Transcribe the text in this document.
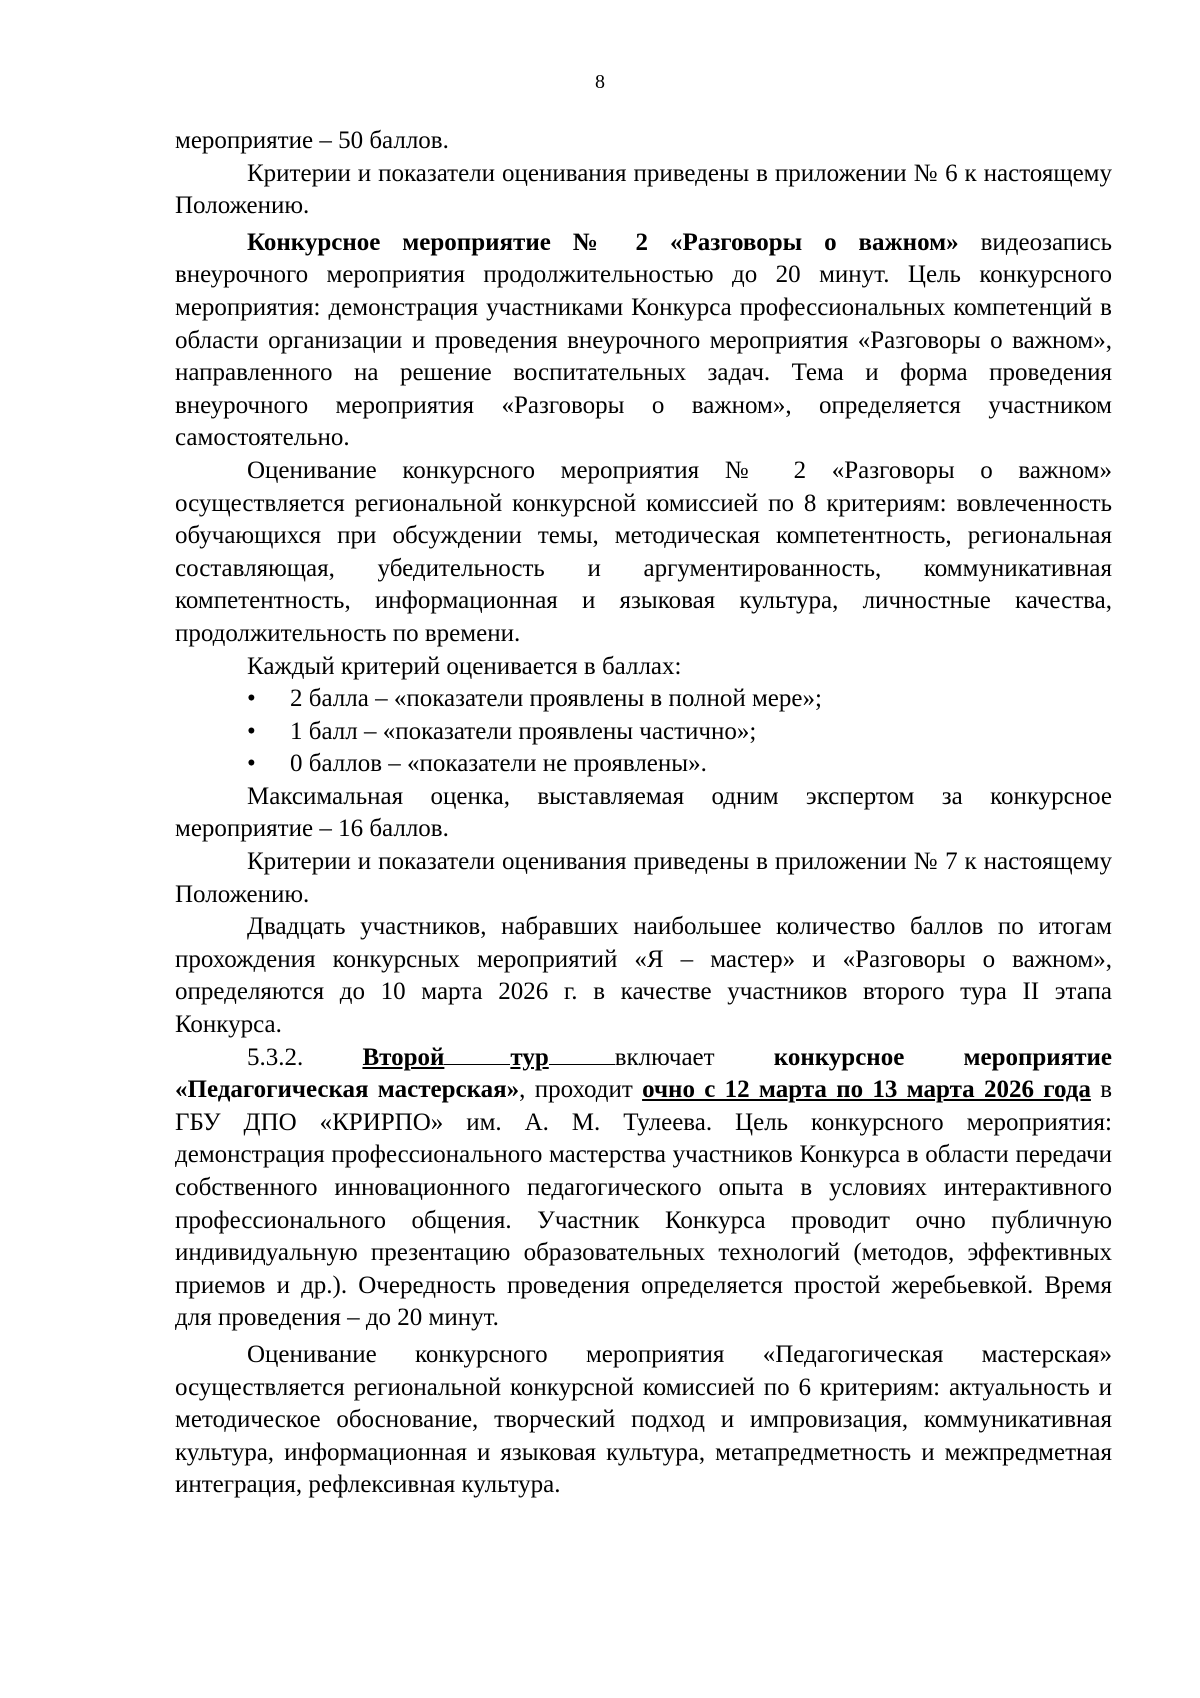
8

мероприятие – 50 баллов.

Критерии и показатели оценивания приведены в приложении № 6 к настоящему Положению.

Конкурсное мероприятие № 2 «Разговоры о важном» видеозапись внеурочного мероприятия продолжительностью до 20 минут. Цель конкурсного мероприятия: демонстрация участниками Конкурса профессиональных компетенций в области организации и проведения внеурочного мероприятия «Разговоры о важном», направленного на решение воспитательных задач. Тема и форма проведения внеурочного мероприятия «Разговоры о важном», определяется участником самостоятельно.

Оценивание конкурсного мероприятия № 2 «Разговоры о важном» осуществляется региональной конкурсной комиссией по 8 критериям: вовлеченность обучающихся при обсуждении темы, методическая компетентность, региональная составляющая, убедительность и аргументированность, коммуникативная компетентность, информационная и языковая культура, личностные качества, продолжительность по времени.

Каждый критерий оценивается в баллах:

• 2 балла – «показатели проявлены в полной мере»;
• 1 балл – «показатели проявлены частично»;
• 0 баллов – «показатели не проявлены».

Максимальная оценка, выставляемая одним экспертом за конкурсное мероприятие – 16 баллов.

Критерии и показатели оценивания приведены в приложении № 7 к настоящему Положению.

Двадцать участников, набравших наибольшее количество баллов по итогам прохождения конкурсных мероприятий «Я – мастер» и «Разговоры о важном», определяются до 10 марта 2026 г. в качестве участников второго тура II этапа Конкурса.

5.3.2. Второй	тур	включает конкурсное мероприятие «Педагогическая мастерская», проходит очно с 12 марта по 13 марта 2026 года в ГБУ ДПО «КРИРПО» им. А. М. Тулеева. Цель конкурсного мероприятия: демонстрация профессионального мастерства участников Конкурса в области передачи собственного инновационного педагогического опыта в условиях интерактивного профессионального общения. Участник Конкурса проводит очно публичную индивидуальную презентацию образовательных технологий (методов, эффективных приемов и др.). Очередность проведения определяется простой жеребьевкой. Время для проведения – до 20 минут.

Оценивание конкурсного мероприятия «Педагогическая мастерская» осуществляется региональной конкурсной комиссией по 6 критериям: актуальность и методическое обоснование, творческий подход и импровизация, коммуникативная культура, информационная и языковая культура, метапредметность и межпредметная интеграция, рефлексивная культура.
